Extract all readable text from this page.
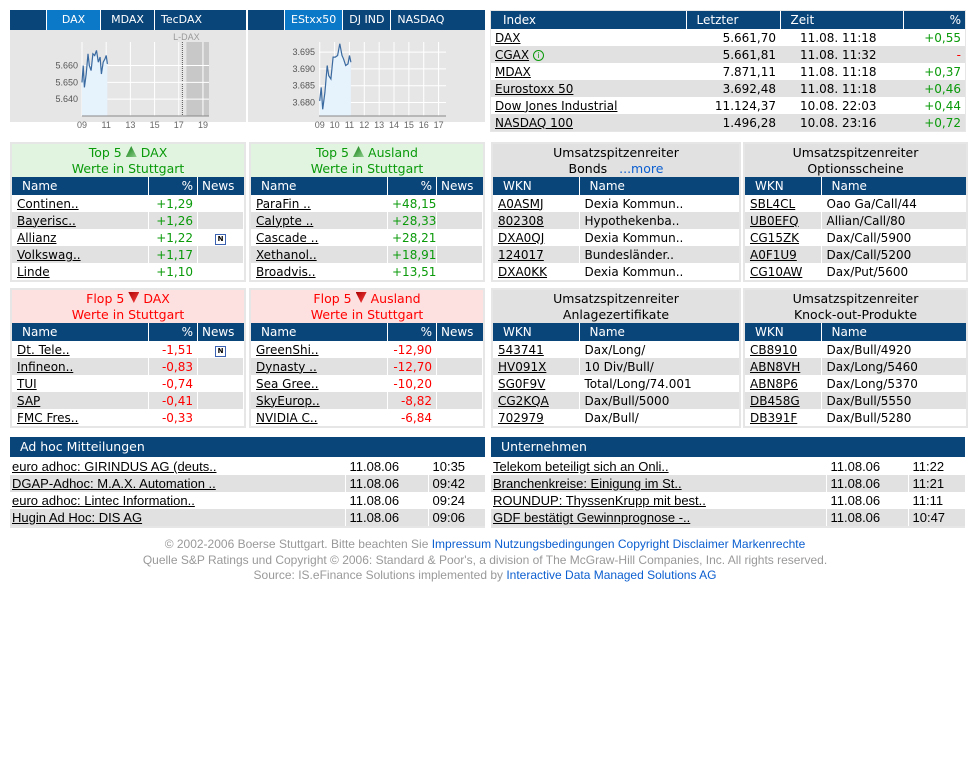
DAX	MDAX	TecDAX
L-DAX
09 11 13 15 17 19
5.660
5.650
5.640
EStxx50	DJ IND	NASDAQ
09 10 11 12 13 14 15 16 17
3.695
3.690
3.685
3.680
Index	Letzter	Zeit	%
DAX	5.661,70	11.08. 11:18	+0,55
CGAX i	5.661,81	11.08. 11:32	-
MDAX	7.871,11	11.08. 11:18	+0,37
Eurostoxx 50	3.692,48	11.08. 11:18	+0,46
Dow Jones Industrial	11.124,37	10.08. 22:03	+0,44
NASDAQ 100	1.496,28	10.08. 23:16	+0,72
Top 5 DAX
Werte in Stuttgart
Name	%	News
Continen..	+1,29	
Bayerisc..	+1,26	
Allianz	+1,22	N
Volkswag..	+1,17	
Linde	+1,10	
Top 5 Ausland
Werte in Stuttgart
Name	%	News
ParaFin ..	+48,15	
Calypte ..	+28,33	
Cascade ..	+28,21	
Xethanol..	+18,91	
Broadvis..	+13,51	
Flop 5 DAX
Werte in Stuttgart
Name	%	News
Dt. Tele..	-1,51	N
Infineon..	-0,83	
TUI	-0,74	
SAP	-0,41	
FMC Fres..	-0,33	
Flop 5 Ausland
Werte in Stuttgart
Name	%	News
GreenShi..	-12,90	
Dynasty ..	-12,70	
Sea Gree..	-10,20	
SkyEurop..	-8,82	
NVIDIA C..	-6,84	
Umsatzspitzenreiter
Bonds ...more
WKN	Name
A0ASMJ	Dexia Kommun..
802308	Hypothekenba..
DXA0QJ	Dexia Kommun..
124017	Bundesländer..
DXA0KK	Dexia Kommun..
Umsatzspitzenreiter
Optionsscheine
WKN	Name
SBL4CL	Oao Ga/Call/44
UB0EFQ	Allian/Call/80
CG15ZK	Dax/Call/5900
A0F1U9	Dax/Call/5200
CG10AW	Dax/Put/5600
Umsatzspitzenreiter
Anlagezertifikate
WKN	Name
543741	Dax/Long/
HV091X	10 Div/Bull/
SG0F9V	Total/Long/74.001
CG2KQA	Dax/Bull/5000
702979	Dax/Bull/
Umsatzspitzenreiter
Knock-out-Produkte
WKN	Name
CB8910	Dax/Bull/4920
ABN8VH	Dax/Long/5460
ABN8P6	Dax/Long/5370
DB458G	Dax/Bull/5550
DB391F	Dax/Bull/5280
Ad hoc Mitteilungen
euro adhoc: GIRINDUS AG (deuts..	11.08.06	10:35
DGAP-Adhoc: M.A.X. Automation ..	11.08.06	09:42
euro adhoc: Lintec Information..	11.08.06	09:24
Hugin Ad Hoc: DIS AG	11.08.06	09:06
Unternehmen
Telekom beteiligt sich an Onli..	11.08.06	11:22
Branchenkreise: Einigung im St..	11.08.06	11:21
ROUNDUP: ThyssenKrupp mit best..	11.08.06	11:11
GDF bestätigt Gewinnprognose -..	11.08.06	10:47
© 2002-2006 Boerse Stuttgart. Bitte beachten Sie Impressum Nutzungsbedingungen Copyright Disclaimer Markenrechte
Quelle S&P Ratings und Copyright © 2006: Standard & Poor's, a division of The McGraw-Hill Companies, Inc. All rights reserved.
Source: IS.eFinance Solutions implemented by Interactive Data Managed Solutions AG
